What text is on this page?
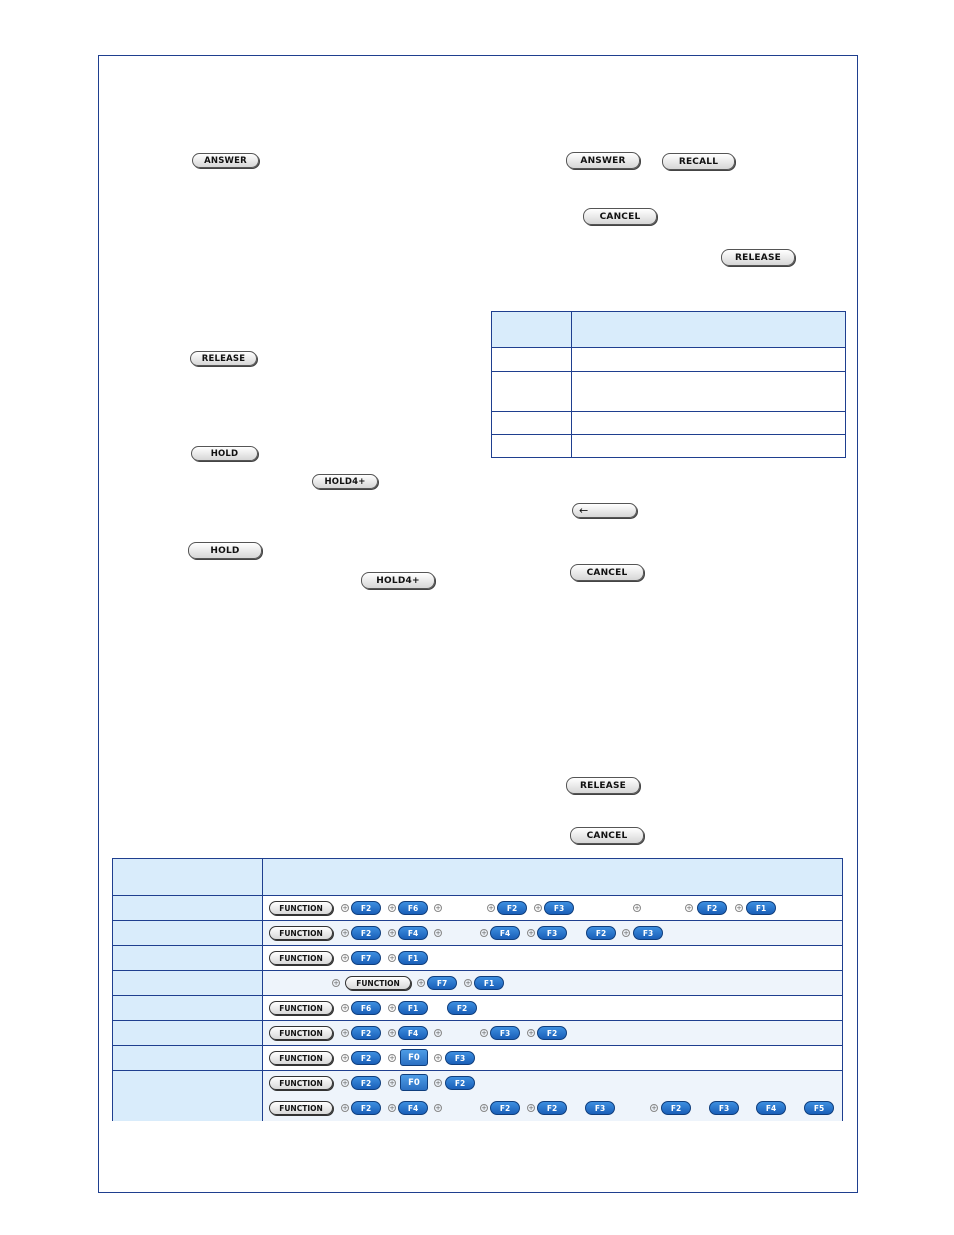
ANSWER
RELEASE
HOLD
HOLD4+
HOLD
HOLD4+
ANSWER	RECALL
CANCEL
RELEASE
←
CANCEL
RELEASE
CANCEL
FUNCTION	+	F2	+	F6	+	+	F2	+	F3	+	+	F2	+	F1
FUNCTION	+	F2	+	F4	+	+	F4	+	F3	F2	+	F3
FUNCTION	+	F7	+	F1
+	FUNCTION	+	F7	+	F1
FUNCTION	+	F6	+	F1	F2
FUNCTION	+	F2	+	F4	+	+	F3	+	F2
FUNCTION	+	F2	+	F0	+	F3
FUNCTION	+	F2	+	F0	+	F2
FUNCTION	+	F2	+	F4	+	+	F2	+	F2	F3	+	F2	F3	F4	F5
